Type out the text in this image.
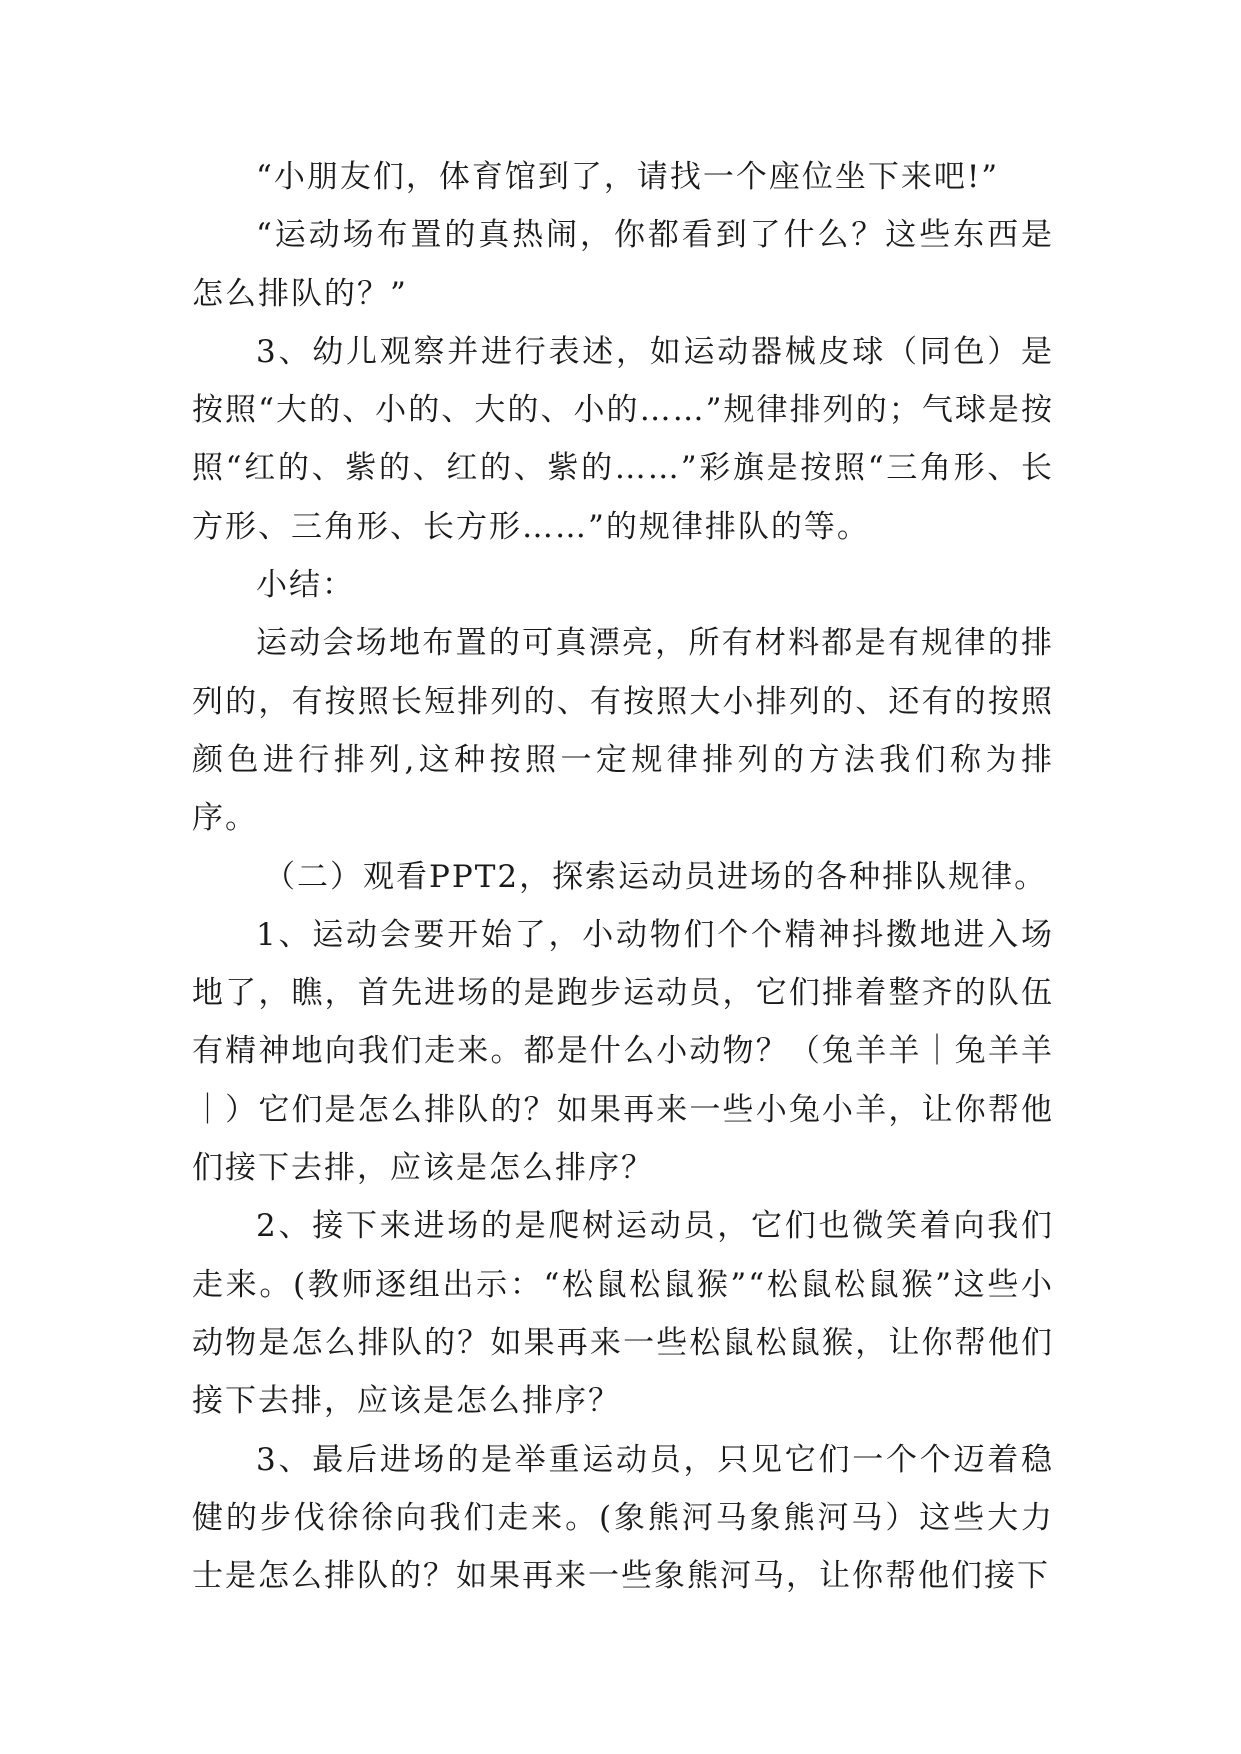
“小朋友们，体育馆到了，请找一个座位坐下来吧!”

“运动场布置的真热闹，你都看到了什么？这些东西是怎么排队的？”

3、幼儿观察并进行表述，如运动器械皮球（同色）是按照“大的、小的、大的、小的……”规律排列的；气球是按照“红的、紫的、红的、紫的……”彩旗是按照“三角形、长方形、三角形、长方形……”的规律排队的等。

小结：

运动会场地布置的可真漂亮，所有材料都是有规律的排列的，有按照长短排列的、有按照大小排列的、还有的按照颜色进行排列,这种按照一定规律排列的方法我们称为排序。

（二）观看PPT2，探索运动员进场的各种排队规律。

1、运动会要开始了，小动物们个个精神抖擞地进入场地了，瞧，首先进场的是跑步运动员，它们排着整齐的队伍有精神地向我们走来。都是什么小动物？（兔羊羊｜兔羊羊｜）它们是怎么排队的？如果再来一些小兔小羊，让你帮他们接下去排，应该是怎么排序？

2、接下来进场的是爬树运动员，它们也微笑着向我们走来。(教师逐组出示：“松鼠松鼠猴”“松鼠松鼠猴”这些小动物是怎么排队的？如果再来一些松鼠松鼠猴，让你帮他们接下去排，应该是怎么排序？

3、最后进场的是举重运动员，只见它们一个个迈着稳健的步伐徐徐向我们走来。(象熊河马象熊河马）这些大力士是怎么排队的？如果再来一些象熊河马，让你帮他们接下
